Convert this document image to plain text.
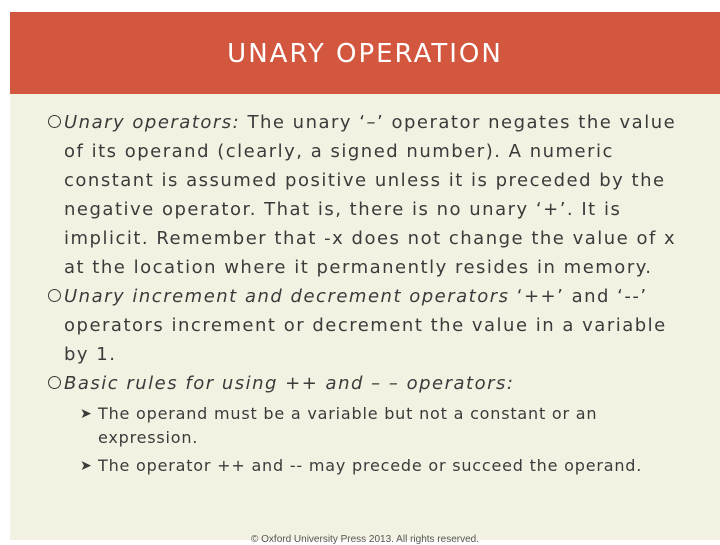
UNARY OPERATION
Unary operators: The unary ‘–’ operator negates the value of its operand (clearly, a signed number). A numeric constant is assumed positive unless it is preceded by the negative operator. That is, there is no unary ‘+’. It is implicit. Remember that -x does not change the value of x at the location where it permanently resides in memory.
Unary increment and decrement operators ‘++’ and ‘--’ operators increment or decrement the value in a variable by 1.
Basic rules for using ++ and – – operators:
➤ The operand must be a variable but not a constant or an expression.
➤ The operator ++ and -- may precede or succeed the operand.
© Oxford University Press 2013. All rights reserved.
